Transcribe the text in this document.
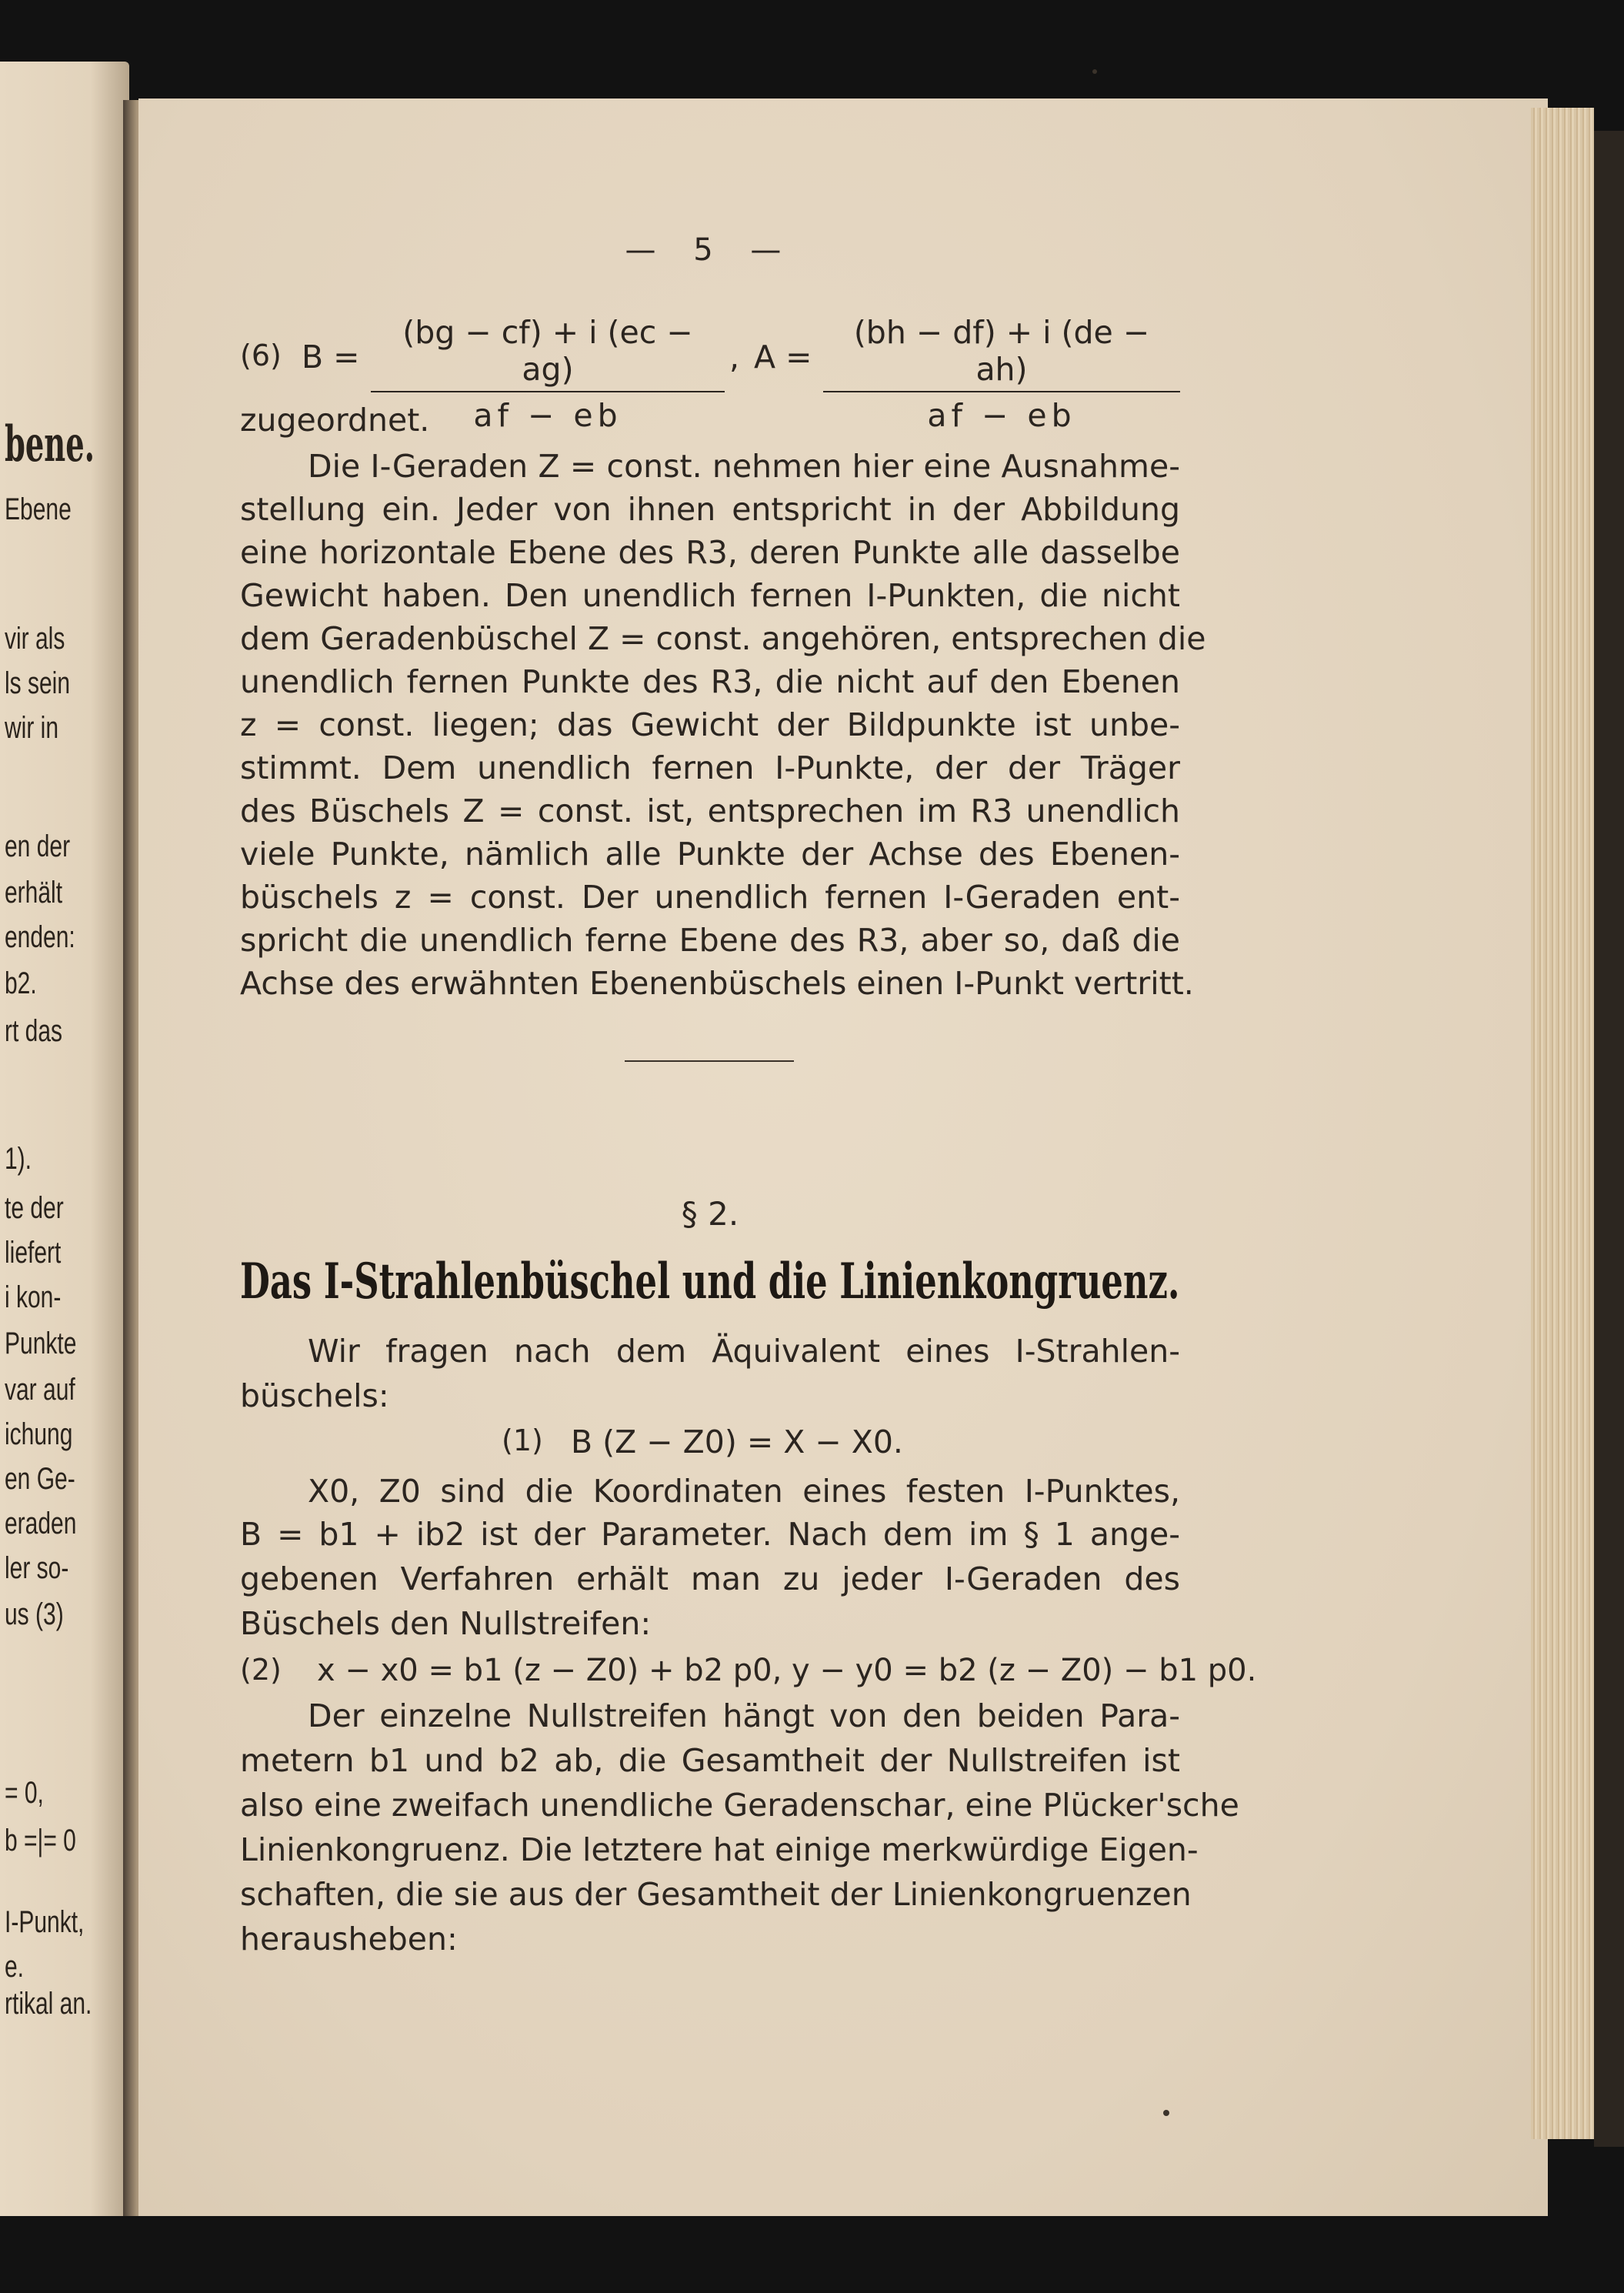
bene.
Ebene
vir als
ls sein
wir in
en der
erhält
enden:
b2.
rt das
1).
te der
liefert
i kon-
Punkte
var auf
ichung
en Ge-
eraden
ler so-
us (3)
= 0,
b =|= 0
I-Punkt,
e.
rtikal an.
— 5 —
(6) $B = \frac{(bg - cf) + i (ec - ag)}{af - eb}$ , $A = \frac{(bh - df) + i (de - ah)}{af - eb}$
zugeordnet.
Die I-Geraden Z = const. nehmen hier eine Ausnahme-
stellung ein. Jeder von ihnen entspricht in der Abbildung
eine horizontale Ebene des R3, deren Punkte alle dasselbe
Gewicht haben. Den unendlich fernen I-Punkten, die nicht
dem Geradenbüschel Z = const. angehören, entsprechen die
unendlich fernen Punkte des R3, die nicht auf den Ebenen
z = const. liegen; das Gewicht der Bildpunkte ist unbe-
stimmt. Dem unendlich fernen I-Punkte, der der Träger
des Büschels Z = const. ist, entsprechen im R3 unendlich
viele Punkte, nämlich alle Punkte der Achse des Ebenen-
büschels z = const. Der unendlich fernen I-Geraden ent-
spricht die unendlich ferne Ebene des R3, aber so, daß die
Achse des erwähnten Ebenenbüschels einen I-Punkt vertritt.
§ 2.
Das I-Strahlenbüschel und die Linienkongruenz.
Wir fragen nach dem Äquivalent eines I-Strahlen-
büschels:
(1) B (Z − Z0) = X − X0.
X0, Z0 sind die Koordinaten eines festen I-Punktes,
B = b1 + ib2 ist der Parameter. Nach dem im § 1 ange-
gebenen Verfahren erhält man zu jeder I-Geraden des
Büschels den Nullstreifen:
(2) x − x0 = b1 (z − Z0) + b2 p0, y − y0 = b2 (z − Z0) − b1 p0.
Der einzelne Nullstreifen hängt von den beiden Para-
metern b1 und b2 ab, die Gesamtheit der Nullstreifen ist
also eine zweifach unendliche Geradenschar, eine Plücker'sche
Linienkongruenz. Die letztere hat einige merkwürdige Eigen-
schaften, die sie aus der Gesamtheit der Linienkongruenzen
herausheben:
